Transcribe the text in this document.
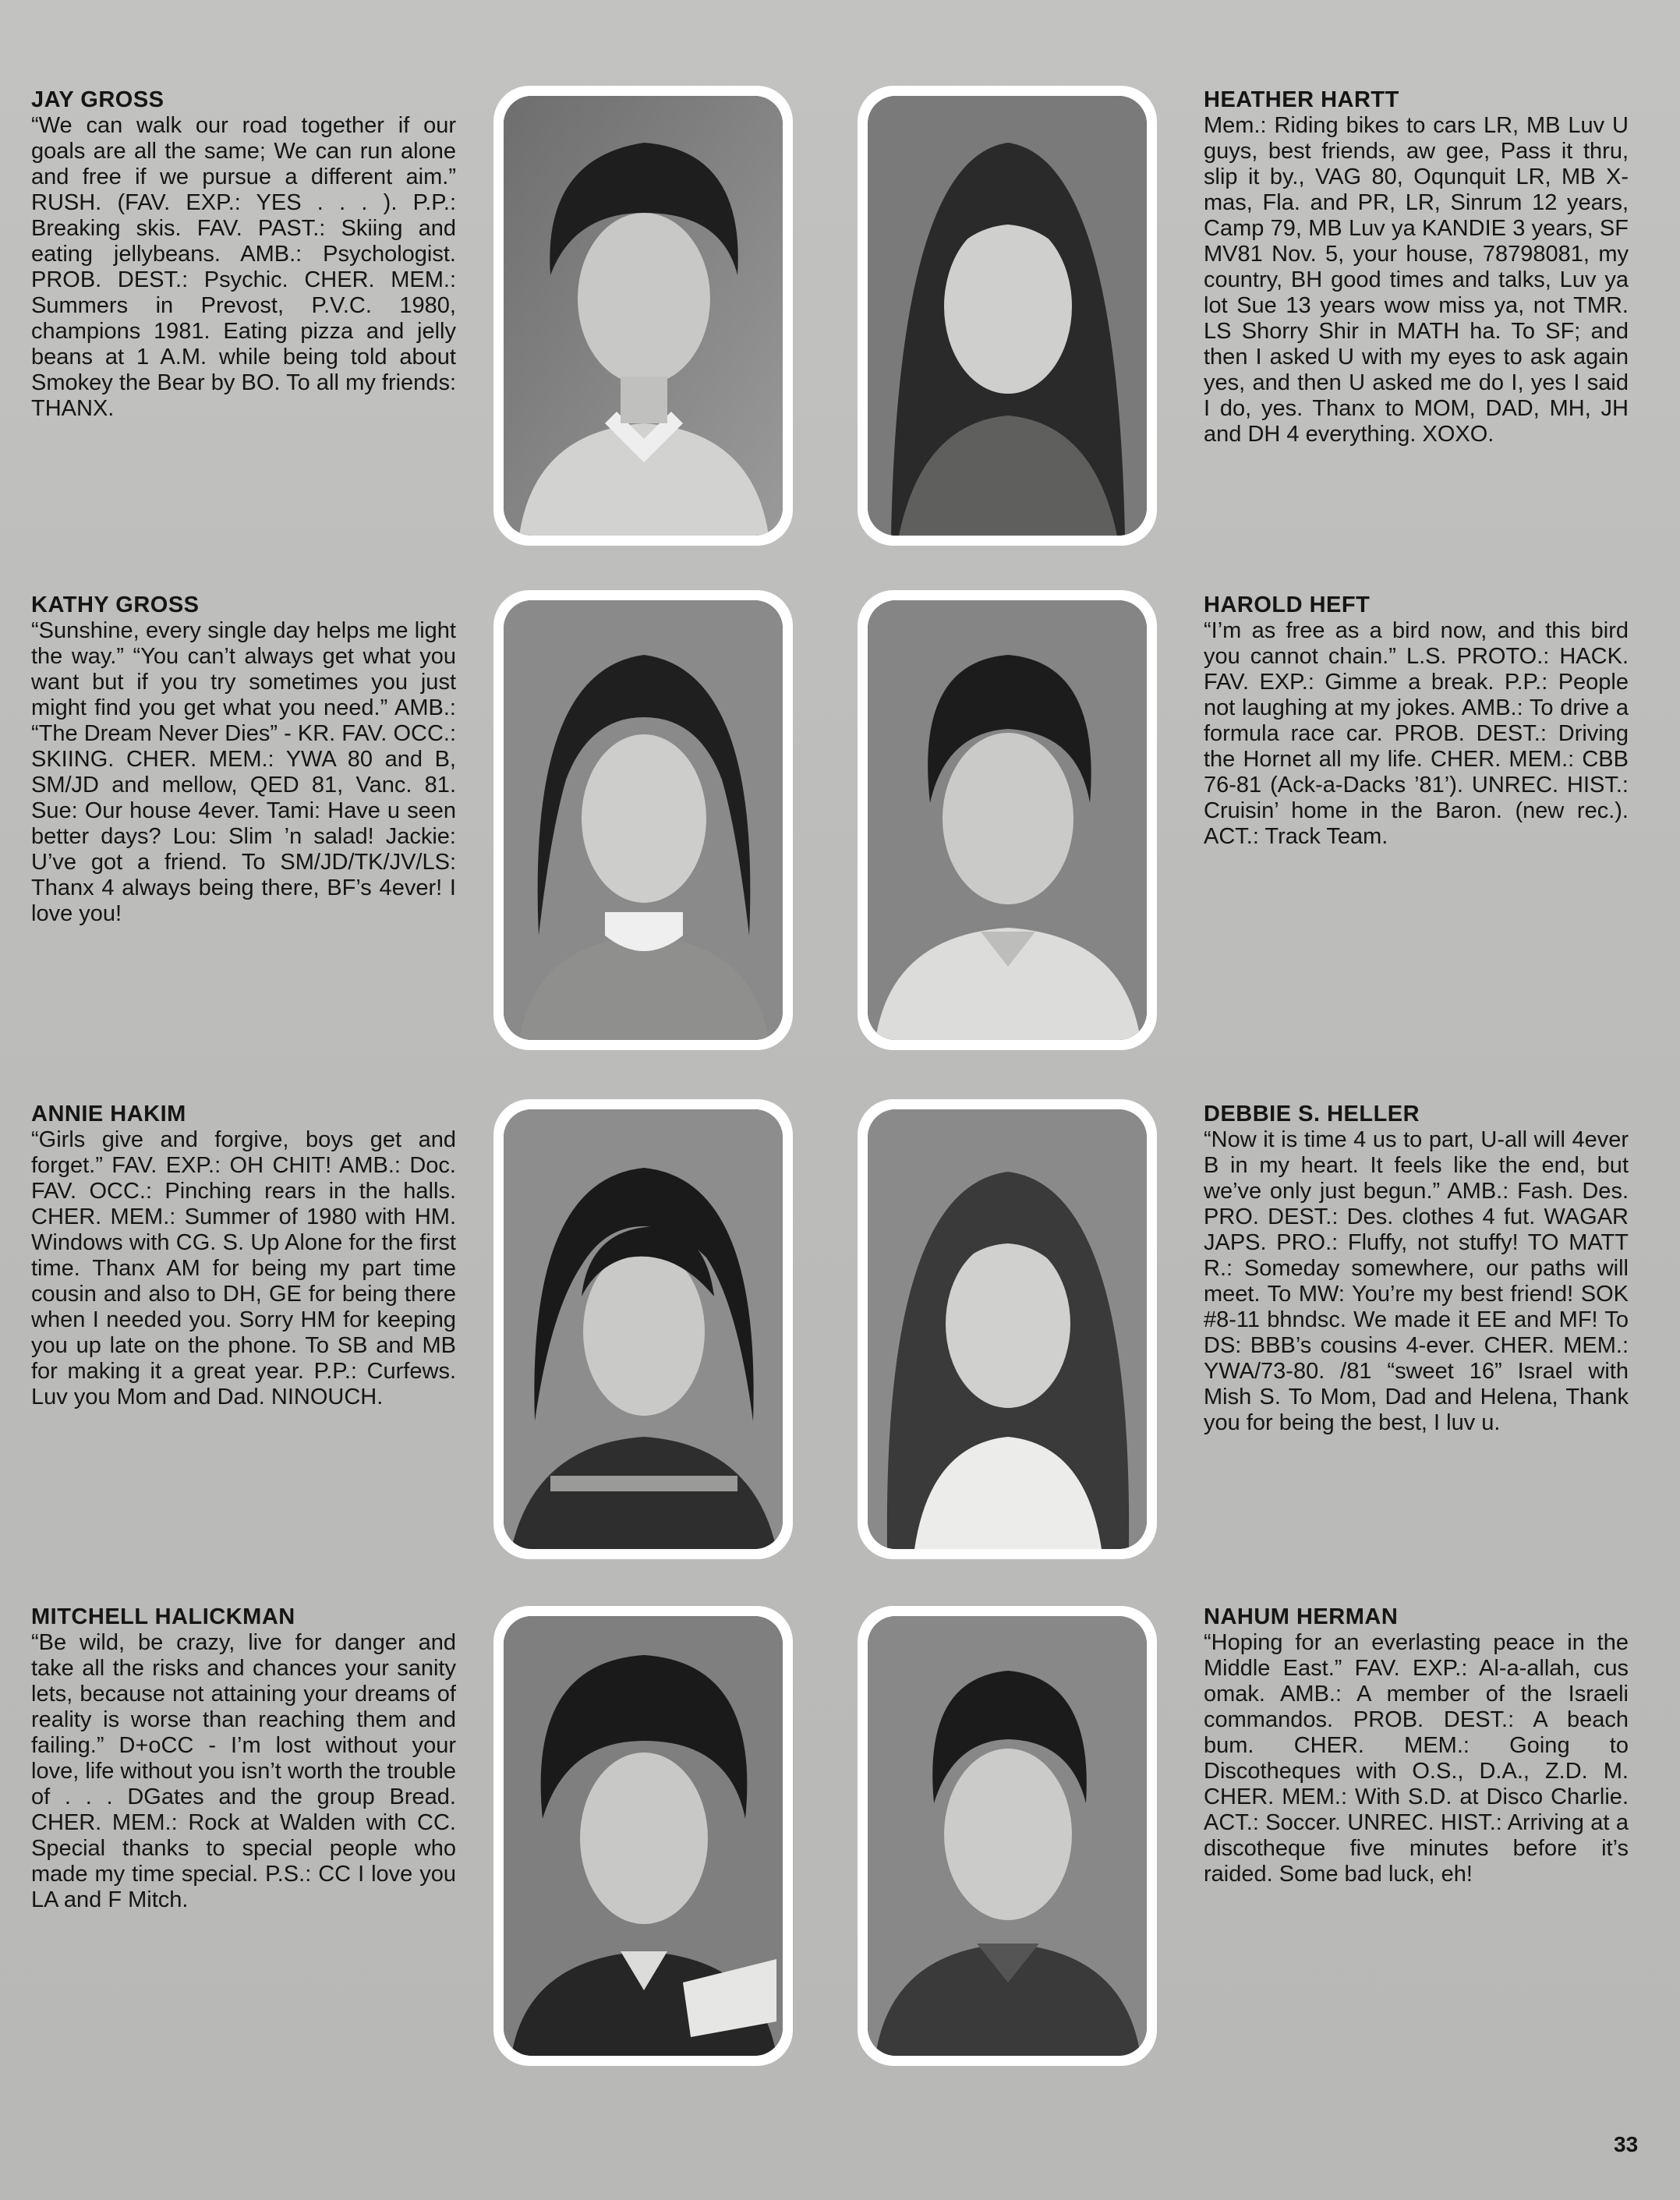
JAY GROSS

“We can walk our road together if our goals are all the same; We can run alone and free if we pursue a different aim.” RUSH. (FAV. EXP.: YES . . . ). P.P.: Breaking skis. FAV. PAST.: Skiing and eating jellybeans. AMB.: Psychologist. PROB. DEST.: Psychic. CHER. MEM.: Summers in Prevost, P.V.C. 1980, champions 1981. Eating pizza and jelly beans at 1 A.M. while being told about Smokey the Bear by BO. To all my friends: THANX.

HEATHER HARTT

Mem.: Riding bikes to cars LR, MB Luv U guys, best friends, aw gee, Pass it thru, slip it by., VAG 80, Oqunquit LR, MB X-mas, Fla. and PR, LR, Sinrum 12 years, Camp 79, MB Luv ya KANDIE 3 years, SF MV81 Nov. 5, your house, 78798081, my country, BH good times and talks, Luv ya lot Sue 13 years wow miss ya, not TMR. LS Shorry Shir in MATH ha. To SF; and then I asked U with my eyes to ask again yes, and then U asked me do I, yes I said I do, yes. Thanx to MOM, DAD, MH, JH and DH 4 everything. XOXO.

KATHY GROSS

“Sunshine, every single day helps me light the way.” “You can’t always get what you want but if you try sometimes you just might find you get what you need.” AMB.: “The Dream Never Dies” - KR. FAV. OCC.: SKIING. CHER. MEM.: YWA 80 and B, SM/JD and mellow, QED 81, Vanc. 81. Sue: Our house 4ever. Tami: Have u seen better days? Lou: Slim ’n salad! Jackie: U’ve got a friend. To SM/JD/TK/JV/LS: Thanx 4 always being there, BF’s 4ever! I love you!

HAROLD HEFT

“I’m as free as a bird now, and this bird you cannot chain.” L.S. PROTO.: HACK. FAV. EXP.: Gimme a break. P.P.: People not laughing at my jokes. AMB.: To drive a formula race car. PROB. DEST.: Driving the Hornet all my life. CHER. MEM.: CBB 76-81 (Ack-a-Dacks ’81’). UNREC. HIST.: Cruisin’ home in the Baron. (new rec.). ACT.: Track Team.

ANNIE HAKIM

“Girls give and forgive, boys get and forget.” FAV. EXP.: OH CHIT! AMB.: Doc. FAV. OCC.: Pinching rears in the halls. CHER. MEM.: Summer of 1980 with HM. Windows with CG. S. Up Alone for the first time. Thanx AM for being my part time cousin and also to DH, GE for being there when I needed you. Sorry HM for keeping you up late on the phone. To SB and MB for making it a great year. P.P.: Curfews. Luv you Mom and Dad. NINOUCH.

DEBBIE S. HELLER

“Now it is time 4 us to part, U-all will 4ever B in my heart. It feels like the end, but we’ve only just begun.” AMB.: Fash. Des. PRO. DEST.: Des. clothes 4 fut. WAGAR JAPS. PRO.: Fluffy, not stuffy! TO MATT R.: Someday somewhere, our paths will meet. To MW: You’re my best friend! SOK #8-11 bhndsc. We made it EE and MF! To DS: BBB’s cousins 4-ever. CHER. MEM.: YWA/73-80. /81 “sweet 16” Israel with Mish S. To Mom, Dad and Helena, Thank you for being the best, I luv u.

MITCHELL HALICKMAN

“Be wild, be crazy, live for danger and take all the risks and chances your sanity lets, because not attaining your dreams of reality is worse than reaching them and failing.” D+oCC - I’m lost without your love, life without you isn’t worth the trouble of . . . DGates and the group Bread. CHER. MEM.: Rock at Walden with CC. Special thanks to special people who made my time special. P.S.: CC I love you LA and F Mitch.

NAHUM HERMAN

“Hoping for an everlasting peace in the Middle East.” FAV. EXP.: Al-a-allah, cus omak. AMB.: A member of the Israeli commandos. PROB. DEST.: A beach bum. CHER. MEM.: Going to Discotheques with O.S., D.A., Z.D. M. CHER. MEM.: With S.D. at Disco Charlie. ACT.: Soccer. UNREC. HIST.: Arriving at a discotheque five minutes before it’s raided. Some bad luck, eh!

33
